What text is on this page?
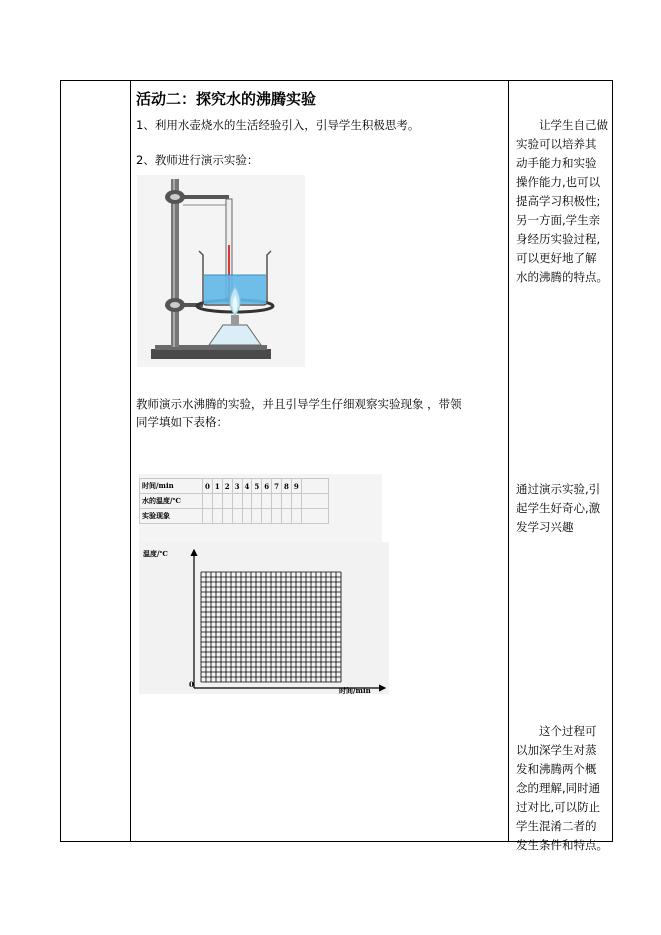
活动二：探究水的沸腾实验
1、利用水壶烧水的生活经验引入，引导学生积极思考。
2、教师进行演示实验：
教师演示水沸腾的实验，并且引导学生仔细观察实验现象 ，带领
同学填如下表格：
时间/min	0	1	2	3	4	5	6	7	8	9	
水的温度/℃											
实验现象											
温度/℃
时间/min
0
让学生自己做
实验可以培养其
动手能力和实验
操作能力,也可以
提高学习积极性;
另一方面,学生亲
身经历实验过程,
可以更好地了解
水的沸腾的特点。
通过演示实验,引
起学生好奇心,激
发学习兴趣
这个过程可
以加深学生对蒸
发和沸腾两个概
念的理解,同时通
过对比,可以防止
学生混淆二者的
发生条件和特点。
